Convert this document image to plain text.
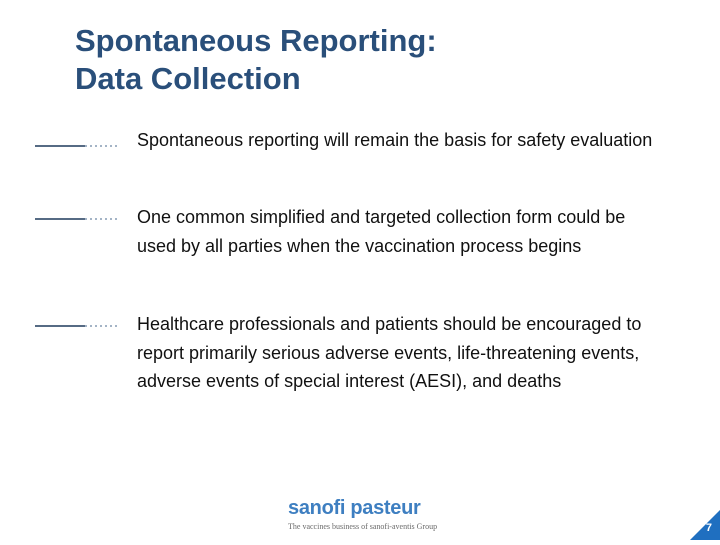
Spontaneous Reporting:
Data Collection
Spontaneous reporting will remain the basis for safety evaluation
One common simplified and targeted collection form could be used by all parties when the vaccination process begins
Healthcare professionals and patients should be encouraged to report primarily serious adverse events, life-threatening events, adverse events of special interest (AESI), and deaths
sanofi pasteur
The vaccines business of sanofi-aventis Group	7
